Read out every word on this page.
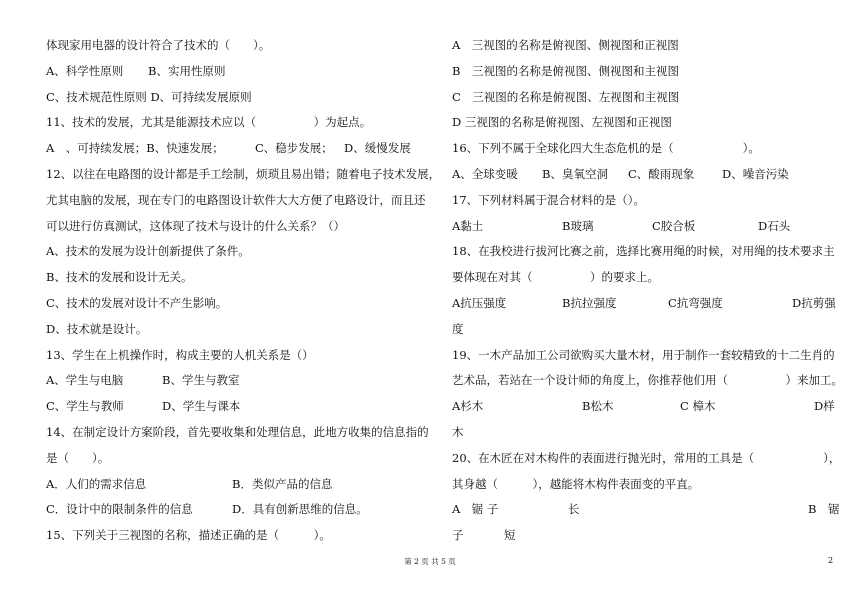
体现家用电器的设计符合了技术的（　　）。
A、科学性原则 B、实用性原则
C、技术规范性原则 D、可持续发展原则
11、技术的发展，尤其是能源技术应以（　　　　　）为起点。
A　、可持续发展；B、快速发展；	C、稳步发展； D、缓慢发展
12、以往在电路图的设计都是手工绘制，烦琐且易出错；随着电子技术发展，
尤其电脑的发展，现在专门的电路图设计软件大大方便了电路设计，而且还
可以进行仿真测试，这体现了技术与设计的什么关系？（）
A、技术的发展为设计创新提供了条件。
B、技术的发展和设计无关。
C、技术的发展对设计不产生影响。
D、技术就是设计。
13、学生在上机操作时，构成主要的人机关系是（）
A、学生与电脑	B、学生与教室
C、学生与教师	D、学生与课本
14、在制定设计方案阶段，首先要收集和处理信息，此地方收集的信息指的
是（　　）。
A．人们的需求信息	B．类似产品的信息
C．设计中的限制条件的信息	D．具有创新思维的信息。
15、下列关于三视图的名称，描述正确的是（　　　）。
A　三视图的名称是俯视图、侧视图和正视图
B　三视图的名称是俯视图、侧视图和主视图
C　三视图的名称是俯视图、左视图和主视图
D 三视图的名称是俯视图、左视图和正视图
16、下列不属于全球化四大生态危机的是（　　　　　　）。
A、全球变暖 B、臭氧空洞 C、酸雨现象 D、噪音污染
17、下列材料属于混合材料的是（）。
A黏土	B玻璃	C胶合板	D石头
18、在我校进行拔河比赛之前，选择比赛用绳的时候，对用绳的技术要求主
要体现在对其（　　　　　）的要求上。
A抗压强度	B抗拉强度	C抗弯强度	D抗剪强
度
19、一木产品加工公司欲购买大量木材，用于制作一套较精致的十二生肖的
艺术品，若站在一个设计师的角度上，你推荐他们用（　　　　　）来加工。
A杉木	B松木	C 樟木	D样
木
20、在木匠在对木构件的表面进行抛光时，常用的工具是（　　　　　　），
其身越（　　　），越能将木构件表面变的平直。
A　锯 子	长	B　锯
子	短
第 2 页 共 5 页	2
